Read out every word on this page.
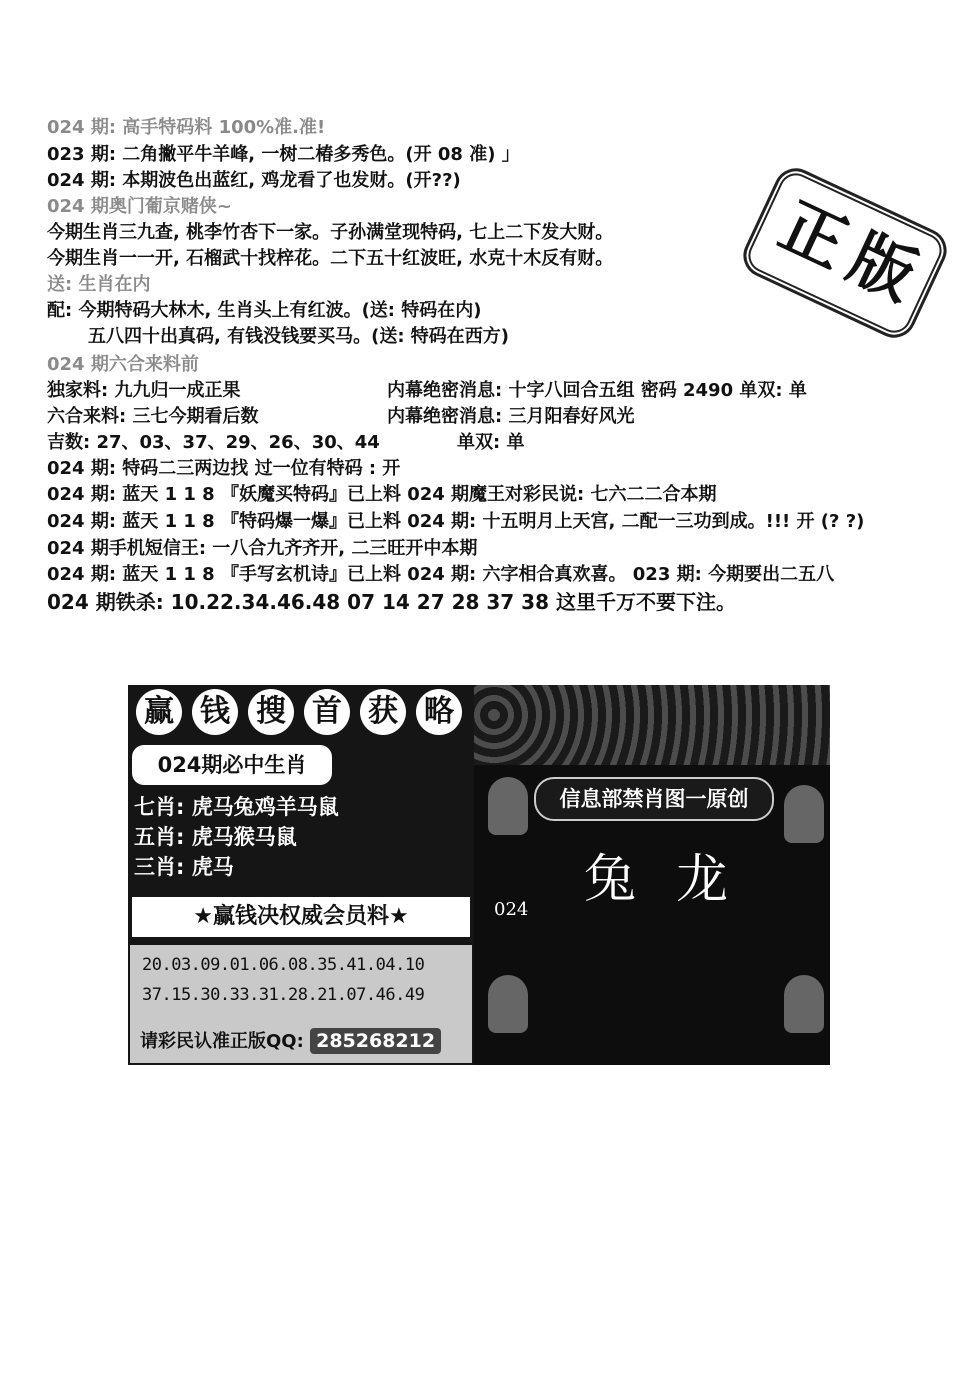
024 期: 高手特码料 100%准.准!
023 期: 二角撇平牛羊峰, 一树二椿多秀色。(开 08 准) 」
024 期: 本期波色出蓝红, 鸡龙看了也发财。(开??)
024 期奥门葡京赌侠~
今期生肖三九查, 桃李竹杏下一家。子孙满堂现特码, 七上二下发大财。
今期生肖一一开, 石榴武十找梓花。二下五十红波旺, 水克十木反有财。
送: 生肖在内
配: 今期特码大林木, 生肖头上有红波。(送: 特码在内)
五八四十出真码, 有钱没钱要买马。(送: 特码在西方)
024 期六合来料前
独家料: 九九归一成正果	内幕绝密消息: 十字八回合五组 密码 2490 单双: 单
六合来料: 三七今期看后数	内幕绝密消息: 三月阳春好风光
吉数: 27、03、37、29、26、30、44	单双: 单
024 期: 特码二三两边找 过一位有特码 : 开
024 期: 蓝天 1 1 8 『妖魔买特码』已上料 024 期魔王对彩民说: 七六二二合本期
024 期: 蓝天 1 1 8 『特码爆一爆』已上料 024 期: 十五明月上天宫, 二配一三功到成。!!! 开 (? ?)
024 期手机短信王: 一八合九齐齐开, 二三旺开中本期
024 期: 蓝天 1 1 8 『手写玄机诗』已上料 024 期: 六字相合真欢喜。 023 期: 今期要出二五八
024 期铁杀: 10.22.34.46.48 07 14 27 28 37 38 这里千万不要下注。
正
版
赢 钱 搜 首 获 略
024期必中生肖
七肖: 虎马兔鸡羊马鼠
五肖: 虎马猴马鼠
三肖: 虎马
★赢钱决权威会员料★
20.03.09.01.06.08.35.41.04.10
37.15.30.33.31.28.21.07.46.49
请彩民认准正版QQ: 285268212
信息部禁肖图一原创
兔龙
024
